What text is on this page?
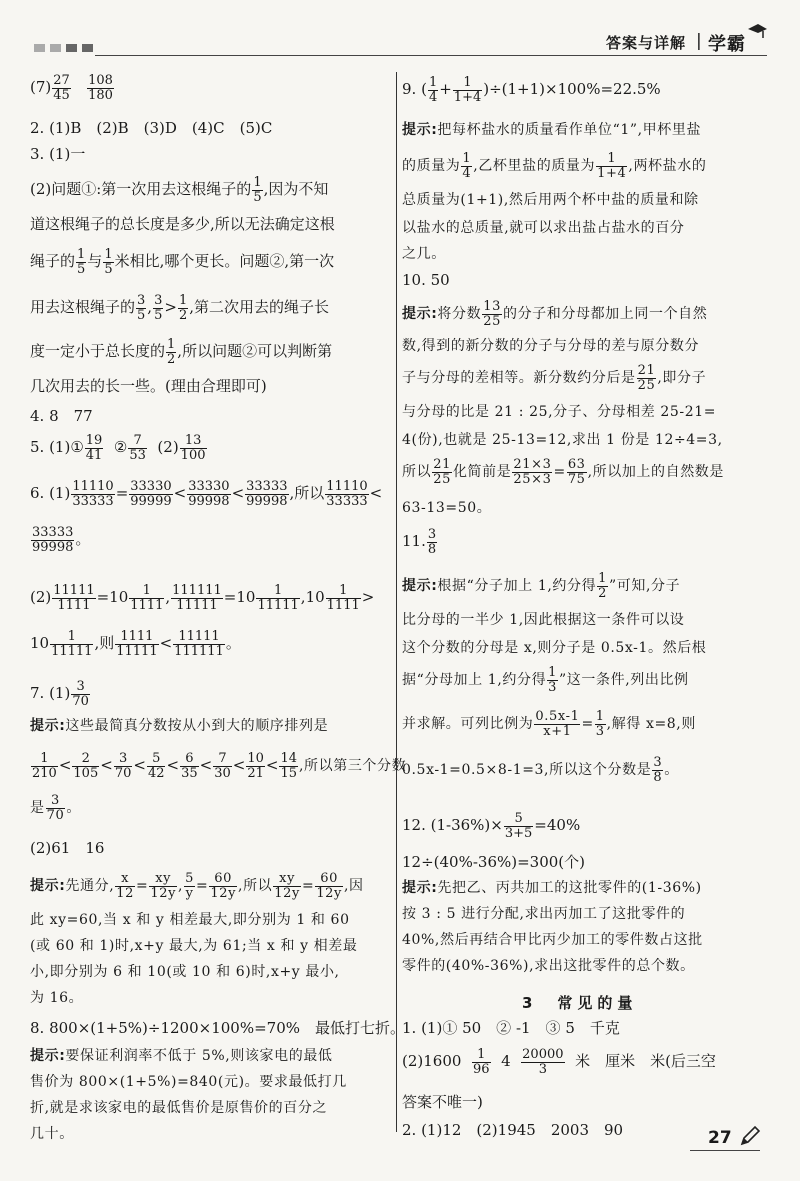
答案与详解 | 学霸
$(7) \frac{27}{45}$
$\frac{108}{180}$
2. (1)B　(2)B　(3)D　(4)C　(5)C
3. (1)一
(2)问题①:第一次用去这根绳子的 $\frac{1}{5}$ ,因为不知
道这根绳子的总长度是多少,所以无法确定这根
绳子的 $\frac{1}{5}$ 与 $\frac{1}{5}$ 米相比,哪个更长。问题②,第一次
用去这根绳子的 $\frac{3}{5}$ , $\frac{3}{5} > \frac{1}{2}$ ,第二次用去的绳子长
度一定小于总长度的 $\frac{1}{2}$ ,所以问题②可以判断第
几次用去的长一些。(理由合理即可)
4. 8　77
5. (1)① $\frac{19}{41}$ ② $\frac{7}{53} (2) \frac{13}{100}$
6. $(1) \frac{11110}{33333} = \frac{33330}{99999} < \frac{33330}{99998} < \frac{33333}{99998}$ ,所以 $\frac{11110}{33333}$ <
$\frac{33333}{99998}$ 。
$(2) \frac{11111}{1111} =10 \frac{1}{1111}$ , $\frac{111111}{11111} =10 \frac{1}{11111} ,10 \frac{1}{1111}$ >
$10 \frac{1}{11111}$ ,则 $\frac{1111}{11111} < \frac{11111}{111111}$ 。
7. $(1) \frac{3}{70}$
提示:这些最简真分数按从小到大的顺序排列是
$\frac{1}{210} < \frac{2}{105} < \frac{3}{70} < \frac{5}{42} < \frac{6}{35} < \frac{7}{30} < \frac{10}{21} < \frac{14}{15}$ ,所以第三个分数
是 $\frac{3}{70}$ 。
(2)61　16
提示:先通分, $\frac{x}{12} = \frac{xy}{12y}$ , $\frac{5}{y} = \frac{60}{12y}$ ,所以 $\frac{xy}{12y} = \frac{60}{12y}$ ,因
此 xy=60,当 x 和 y 相差最大,即分别为 1 和 60
(或 60 和 1)时,x+y 最大,为 61;当 x 和 y 相差最
小,即分别为 6 和 10(或 10 和 6)时,x+y 最小,
为 16。
8. 800×(1+5%)÷1200×100%=70%　最低打七折。
提示:要保证利润率不低于 5%,则该家电的最低
售价为 800×(1+5%)=840(元)。要求最低打几
折,就是求该家电的最低售价是原售价的百分之
几十。
9. ( $\frac{1}{4} + \frac{1}{1+4} )\div(1+1)\times 100\%=22.5\%$
提示:把每杯盐水的质量看作单位“1”,甲杯里盐
的质量为 $\frac{1}{4}$ ,乙杯里盐的质量为 $\frac{1}{1+4}$ ,两杯盐水的
总质量为(1+1),然后用两个杯中盐的质量和除
以盐水的总质量,就可以求出盐占盐水的百分
之几。
10. 50
提示:将分数 $\frac{13}{25}$ 的分子和分母都加上同一个自然
数,得到的新分数的分子与分母的差与原分数分
子与分母的差相等。新分数约分后是 $\frac{21}{25}$ ,即分子
与分母的比是 21 : 25,分子、分母相差 25-21=
4(份),也就是 25-13=12,求出 1 份是 12÷4=3,
所以 $\frac{21}{25}$ 化简前是 $\frac{21\times 3}{25\times 3} = \frac{63}{75}$ ,所以加上的自然数是
63-13=50。
11. $\frac{3}{8}$
提示:根据“分子加上 1,约分得 $\frac{1}{2}$ ”可知,分子
比分母的一半少 1,因此根据这一条件可以设
这个分数的分母是 x,则分子是 0.5x-1。然后根
据“分母加上 1,约分得 $\frac{1}{3}$ ”这一条件,列出比例
并求解。可列比例为 $\frac{0.5x-1}{x+1} = \frac{1}{3}$ ,解得 x=8,则
0.5x-1=0.5×8-1=3,所以这个分数是 $\frac{3}{8}$ 。
12. $(1-36\%)\times \frac{5}{3+5} =40\%$
12÷(40%-36%)=300(个)
提示:先把乙、丙共加工的这批零件的(1-36%)
按 3 : 5 进行分配,求出丙加工了这批零件的
40%,然后再结合甲比丙少加工的零件数占这批
零件的(40%-36%),求出这批零件的总个数。
3　常见的量
1. (1)① 50　② -1　③ 5　千克
$(2)1600 \frac{1}{96} 4 \frac{20000}{3}$ 米　厘米　米(后三空
答案不唯一)
2. (1)12　(2)1945　2003　90	27
